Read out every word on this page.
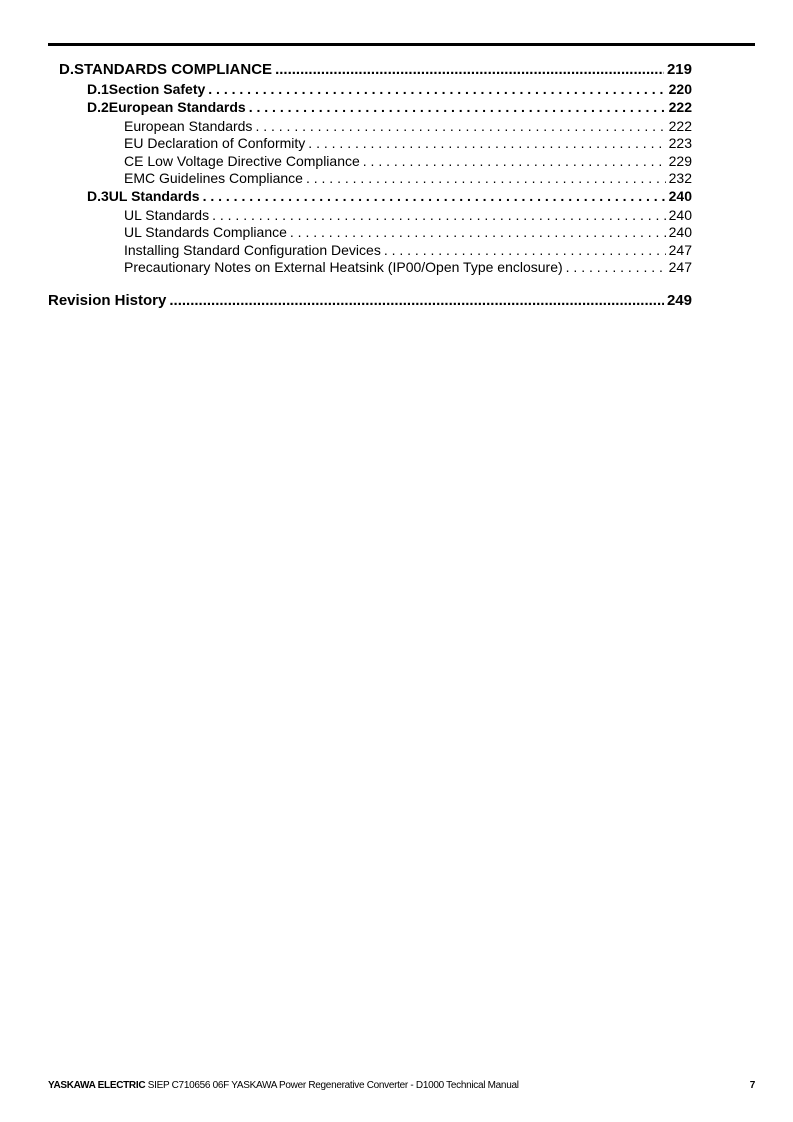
D. STANDARDS COMPLIANCE .....	219
D.1 Section Safety . . .	220
D.2 European Standards . . .	222
European Standards . . .	222
EU Declaration of Conformity . . .	223
CE Low Voltage Directive Compliance . . .	229
EMC Guidelines Compliance . . .	232
D.3 UL Standards . . .	240
UL Standards . . .	240
UL Standards Compliance . . .	240
Installing Standard Configuration Devices . . .	247
Precautionary Notes on External Heatsink (IP00/Open Type enclosure) . . .	247
Revision History .....	249
YASKAWA ELECTRIC SIEP C710656 06F YASKAWA Power Regenerative Converter - D1000 Technical Manual	7
